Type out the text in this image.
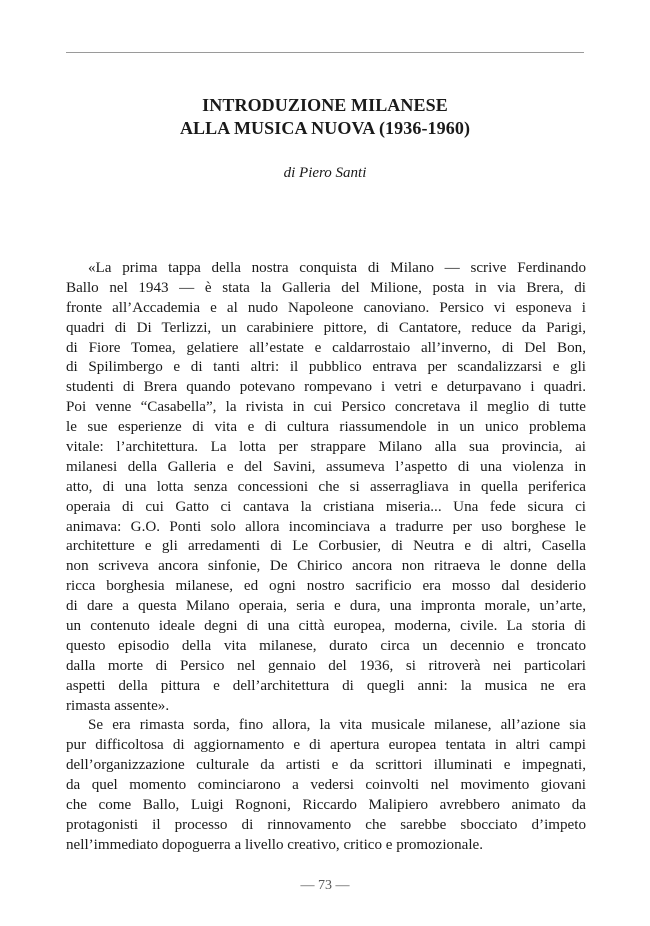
INTRODUZIONE MILANESE
ALLA MUSICA NUOVA (1936-1960)
di Piero Santi
«La prima tappa della nostra conquista di Milano — scrive Ferdinando
Ballo nel 1943 — è stata la Galleria del Milione, posta in via Brera, di
fronte all’Accademia e al nudo Napoleone canoviano. Persico vi esponeva i
quadri di Di Terlizzi, un carabiniere pittore, di Cantatore, reduce da Parigi,
di Fiore Tomea, gelatiere all’estate e caldarrostaio all’inverno, di Del Bon,
di Spilimbergo e di tanti altri: il pubblico entrava per scandalizzarsi e gli
studenti di Brera quando potevano rompevano i vetri e deturpavano i quadri.
Poi venne “Casabella”, la rivista in cui Persico concretava il meglio di tutte
le sue esperienze di vita e di cultura riassumendole in un unico problema
vitale: l’architettura. La lotta per strappare Milano alla sua provincia, ai
milanesi della Galleria e del Savini, assumeva l’aspetto di una violenza in
atto, di una lotta senza concessioni che si asserragliava in quella periferica
operaia di cui Gatto ci cantava la cristiana miseria... Una fede sicura ci
animava: G.O. Ponti solo allora incominciava a tradurre per uso borghese le
architetture e gli arredamenti di Le Corbusier, di Neutra e di altri, Casella
non scriveva ancora sinfonie, De Chirico ancora non ritraeva le donne della
ricca borghesia milanese, ed ogni nostro sacrificio era mosso dal desiderio
di dare a questa Milano operaia, seria e dura, una impronta morale, un’arte,
un contenuto ideale degni di una città europea, moderna, civile. La storia di
questo episodio della vita milanese, durato circa un decennio e troncato
dalla morte di Persico nel gennaio del 1936, si ritroverà nei particolari
aspetti della pittura e dell’architettura di quegli anni: la musica ne era
rimasta assente».
Se era rimasta sorda, fino allora, la vita musicale milanese, all’azione sia
pur difficoltosa di aggiornamento e di apertura europea tentata in altri campi
dell’organizzazione culturale da artisti e da scrittori illuminati e impegnati,
da quel momento cominciarono a vedersi coinvolti nel movimento giovani
che come Ballo, Luigi Rognoni, Riccardo Malipiero avrebbero animato da
protagonisti il processo di rinnovamento che sarebbe sbocciato d’impeto
nell’immediato dopoguerra a livello creativo, critico e promozionale.
— 73 —
